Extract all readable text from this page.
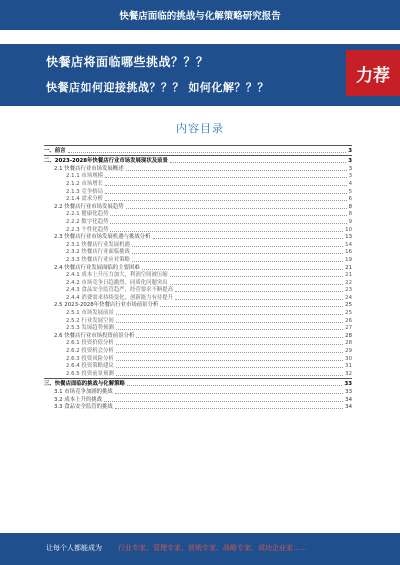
快餐店面临的挑战与化解策略研究报告
快餐店将面临哪些挑战？？？
快餐店如何迎接挑战？？？ 如何化解？？？
力荐
内容目录
一、前言	3
二、2023-2028年快餐店行业市场发展现状及前景	3
2.1 快餐店行业市场发展概述	3
2.1.1 市场规模	3
2.1.2 市场增长	4
2.1.3 竞争格局	5
2.1.4 需求分析	6
2.2 快餐店行业市场发展趋势	8
2.2.1 健康化趋势	8
2.2.2 数字化趋势	9
2.2.3 个性化趋势	10
2.3 快餐店行业市场发展机遇与挑战分析	13
2.3.1 快餐店行业发展机遇	14
2.3.2 快餐店行业面临挑战	16
2.3.3 快餐店行业应对策略	19
2.4 快餐店行业发展面临的主要困难	21
2.4.1 成本上升压力加大，利润空间被压缩	21
2.4.2 市场竞争日趋激烈，同质化问题突出	22
2.4.3 食品安全监管趋严，经营要求不断提高	23
2.4.4 消费需求持续变化，创新能力有待提升	24
2.5 2023-2028年快餐店行业市场前景分析	25
2.5.1 市场发展前景	25
2.5.2 行业发展空间	26
2.5.3 发展趋势预测	27
2.6 快餐店行业市场投资前景分析	28
2.6.1 投资价值分析	28
2.6.2 投资机会分析	29
2.6.3 投资风险分析	30
2.6.4 投资策略建议	31
2.6.5 投资前景预测	32
三、快餐店面临的挑战与化解策略	33
3.1 市场竞争加剧的挑战	33
3.2 成本上升的挑战	34
3.3 食品安全监管的挑战	34
让每个人都能成为 行业专家、管理专家、营销专家、战略专家、成功企业家……
